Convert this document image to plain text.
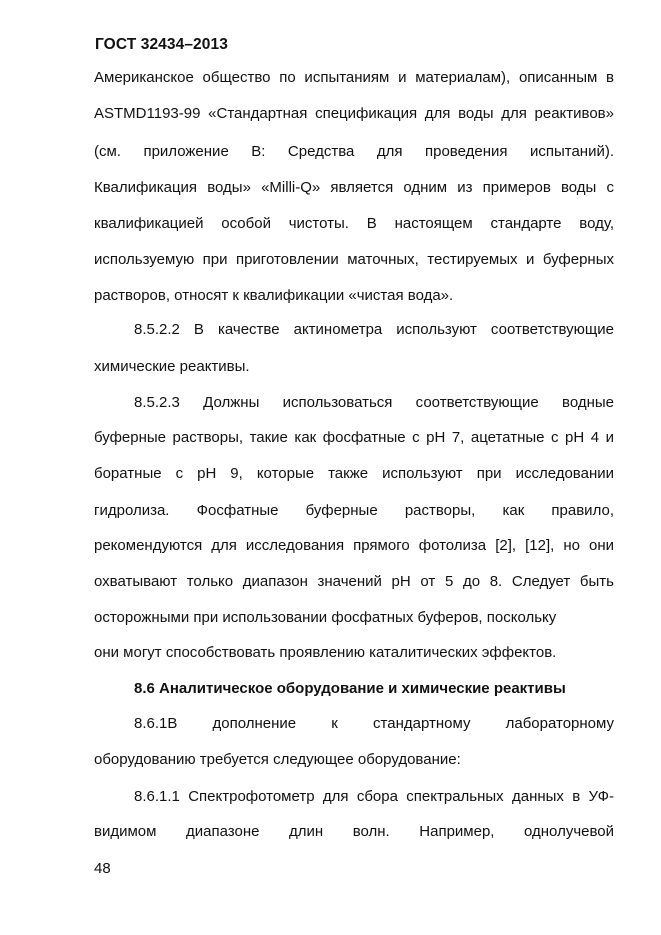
ГОСТ 32434–2013
Американское общество по испытаниям и материалам), описанным в
ASTMD1193-99 «Стандартная спецификация для воды для реактивов»
(см. приложение В: Средства для проведения испытаний).
Квалификация воды» «Milli-Q» является одним из примеров воды с
квалификацией особой чистоты. В настоящем стандарте воду,
используемую при приготовлении маточных, тестируемых и буферных
растворов, относят к квалификации «чистая вода».
8.5.2.2 В качестве актинометра используют соответствующие
химические реактивы.
8.5.2.3 Должны использоваться соответствующие водные
буферные растворы, такие как фосфатные с рН 7, ацетатные с рН 4 и
боратные с рН 9, которые также используют при исследовании
гидролиза. Фосфатные буферные растворы, как правило,
рекомендуются для исследования прямого фотолиза [2], [12], но они
охватывают только диапазон значений рН от 5 до 8. Следует быть
осторожными при использовании фосфатных буферов, поскольку
они могут способствовать проявлению каталитических эффектов.
8.6 Аналитическое оборудование и химические реактивы
8.6.1В дополнение к стандартному лабораторному
оборудованию требуется следующее оборудование:
8.6.1.1 Спектрофотометр для сбора спектральных данных в УФ-
видимом диапазоне длин волн. Например, однолучевой
48
